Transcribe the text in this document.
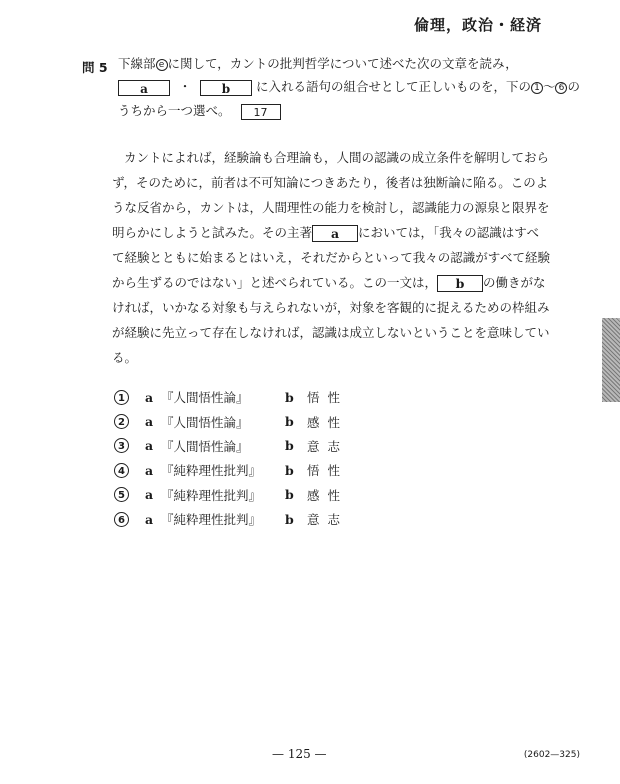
倫理，政治・経済
問 5 下線部 e に関して，カントの批判哲学について述べた次の文章を読み，
a ・	b に入れる語句の組合せとして正しいものを，下の 1 〜 6 の
うちから一つ選べ。 17
カントによれば，経験論も合理論も，人間の認識の成立条件を解明しておら
ず，そのために，前者は不可知論につきあたり，後者は独断論に陥る。このよ
うな反省から，カントは，人間理性の能力を検討し，認識能力の源泉と限界を
明らかにしようと試みた。その主著 a においては，「我々の認識はすべ
て経験とともに始まるとはいえ，それだからといって我々の認識がすべて経験
から生ずるのではない」と述べられている。この一文は， b の働きがな
ければ，いかなる対象も与えられないが，対象を客観的に捉えるための枠組み
が経験に先立って存在しなければ，認識は成立しないということを意味してい
る。
1	a 『人間悟性論』	b	悟性
2	a 『人間悟性論』	b	感性
3	a 『人間悟性論』	b	意志
4	a 『純粋理性批判』	b	悟性
5	a 『純粋理性批判』	b	感性
6	a 『純粋理性批判』	b	意志
— 125 —	(2602—325)
